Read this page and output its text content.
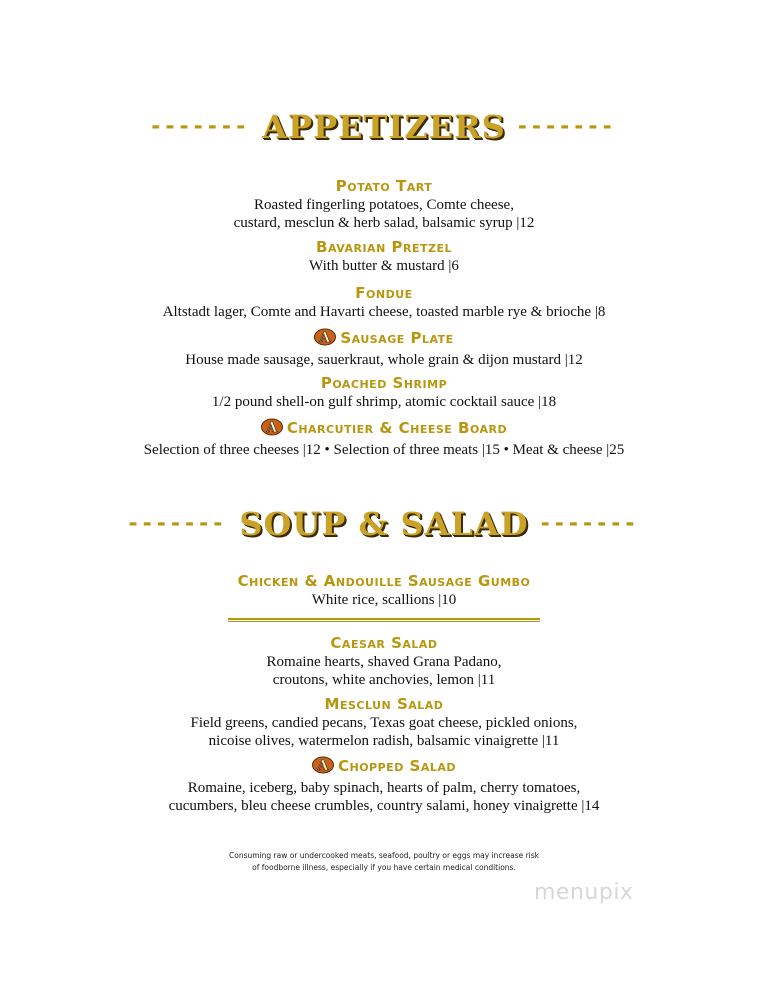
------- APPETIZERS -------
Potato Tart
Roasted fingerling potatoes, Comte cheese,
custard, mesclun & herb salad, balsamic syrup |12
Bavarian Pretzel
With butter & mustard |6
Fondue
Altstadt lager, Comte and Havarti cheese, toasted marble rye & brioche |8
A Sausage Plate
House made sausage, sauerkraut, whole grain & dijon mustard |12
Poached Shrimp
1/2 pound shell-on gulf shrimp, atomic cocktail sauce |18
A Charcutier & Cheese Board
Selection of three cheeses |12 • Selection of three meats |15 • Meat & cheese |25
------- SOUP & SALAD -------
Chicken & Andouille Sausage Gumbo
White rice, scallions |10
Caesar Salad
Romaine hearts, shaved Grana Padano,
croutons, white anchovies, lemon |11
Mesclun Salad
Field greens, candied pecans, Texas goat cheese, pickled onions,
nicoise olives, watermelon radish, balsamic vinaigrette |11
A Chopped Salad
Romaine, iceberg, baby spinach, hearts of palm, cherry tomatoes,
cucumbers, bleu cheese crumbles, country salami, honey vinaigrette |14
Consuming raw or undercooked meats, seafood, poultry or eggs may increase risk
of foodborne illness, especially if you have certain medical conditions.
menupix
